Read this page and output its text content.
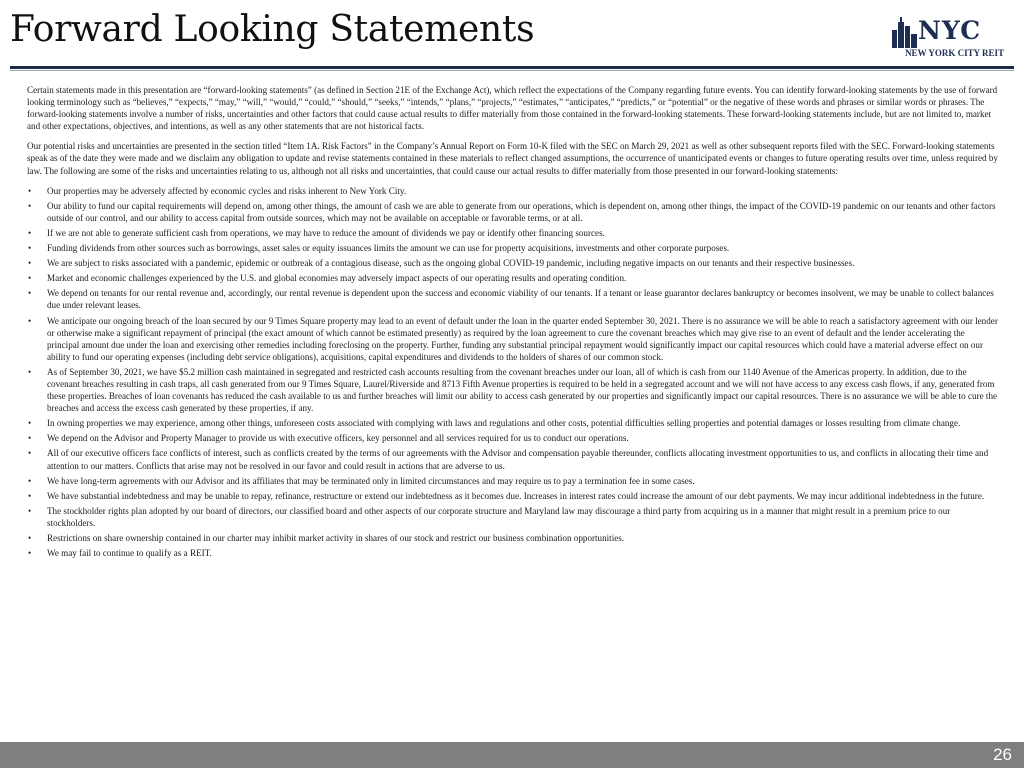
Forward Looking Statements	NYC
NEW YORK CITY REIT

Certain statements made in this presentation are “forward-looking statements” (as defined in Section 21E of the Exchange Act), which reflect the expectations of the Company regarding future events. You can identify forward-looking statements by the use of forward looking terminology such as “believes,” “expects,” “may,” “will,” “would,” “could,” “should,” “seeks,” “intends,” “plans,” “projects,” “estimates,” “anticipates,” “predicts,” or “potential” or the negative of these words and phrases or similar words or phrases. The forward-looking statements involve a number of risks, uncertainties and other factors that could cause actual results to differ materially from those contained in the forward-looking statements. These forward-looking statements include, but are not limited to, market and other expectations, objectives, and intentions, as well as any other statements that are not historical facts.

Our potential risks and uncertainties are presented in the section titled “Item 1A. Risk Factors” in the Company’s Annual Report on Form 10-K filed with the SEC on March 29, 2021 as well as other subsequent reports filed with the SEC. Forward-looking statements speak as of the date they were made and we disclaim any obligation to update and revise statements contained in these materials to reflect changed assumptions, the occurrence of unanticipated events or changes to future operating results over time, unless required by law. The following are some of the risks and uncertainties relating to us, although not all risks and uncertainties, that could cause our actual results to differ materially from those presented in our forward-looking statements:

• Our properties may be adversely affected by economic cycles and risks inherent to New York City.
• Our ability to fund our capital requirements will depend on, among other things, the amount of cash we are able to generate from our operations, which is dependent on, among other things, the impact of the COVID-19 pandemic on our tenants and other factors outside of our control, and our ability to access capital from outside sources, which may not be available on acceptable or favorable terms, or at all.
• If we are not able to generate sufficient cash from operations, we may have to reduce the amount of dividends we pay or identify other financing sources.
• Funding dividends from other sources such as borrowings, asset sales or equity issuances limits the amount we can use for property acquisitions, investments and other corporate purposes.
• We are subject to risks associated with a pandemic, epidemic or outbreak of a contagious disease, such as the ongoing global COVID-19 pandemic, including negative impacts on our tenants and their respective businesses.
• Market and economic challenges experienced by the U.S. and global economies may adversely impact aspects of our operating results and operating condition.
• We depend on tenants for our rental revenue and, accordingly, our rental revenue is dependent upon the success and economic viability of our tenants. If a tenant or lease guarantor declares bankruptcy or becomes insolvent, we may be unable to collect balances due under relevant leases.
• We anticipate our ongoing breach of the loan secured by our 9 Times Square property may lead to an event of default under the loan in the quarter ended September 30, 2021. There is no assurance we will be able to reach a satisfactory agreement with our lender or otherwise make a significant repayment of principal (the exact amount of which cannot be estimated presently) as required by the loan agreement to cure the covenant breaches which may give rise to an event of default and the lender accelerating the principal amount due under the loan and exercising other remedies including foreclosing on the property. Further, funding any substantial principal repayment would significantly impact our capital resources which could have a material adverse effect on our ability to fund our operating expenses (including debt service obligations), acquisitions, capital expenditures and dividends to the holders of shares of our common stock.
• As of September 30, 2021, we have $5.2 million cash maintained in segregated and restricted cash accounts resulting from the covenant breaches under our loan, all of which is cash from our 1140 Avenue of the Americas property. In addition, due to the covenant breaches resulting in cash traps, all cash generated from our 9 Times Square, Laurel/Riverside and 8713 Fifth Avenue properties is required to be held in a segregated account and we will not have access to any excess cash flows, if any, generated from these properties. Breaches of loan covenants has reduced the cash available to us and further breaches will limit our ability to access cash generated by our properties and significantly impact our capital resources. There is no assurance we will be able to cure the breaches and access the excess cash generated by these properties, if any.
• In owning properties we may experience, among other things, unforeseen costs associated with complying with laws and regulations and other costs, potential difficulties selling properties and potential damages or losses resulting from climate change.
• We depend on the Advisor and Property Manager to provide us with executive officers, key personnel and all services required for us to conduct our operations.
• All of our executive officers face conflicts of interest, such as conflicts created by the terms of our agreements with the Advisor and compensation payable thereunder, conflicts allocating investment opportunities to us, and conflicts in allocating their time and attention to our matters. Conflicts that arise may not be resolved in our favor and could result in actions that are adverse to us.
• We have long-term agreements with our Advisor and its affiliates that may be terminated only in limited circumstances and may require us to pay a termination fee in some cases.
• We have substantial indebtedness and may be unable to repay, refinance, restructure or extend our indebtedness as it becomes due. Increases in interest rates could increase the amount of our debt payments. We may incur additional indebtedness in the future.
• The stockholder rights plan adopted by our board of directors, our classified board and other aspects of our corporate structure and Maryland law may discourage a third party from acquiring us in a manner that might result in a premium price to our stockholders.
• Restrictions on share ownership contained in our charter may inhibit market activity in shares of our stock and restrict our business combination opportunities.
• We may fail to continue to qualify as a REIT.
26
